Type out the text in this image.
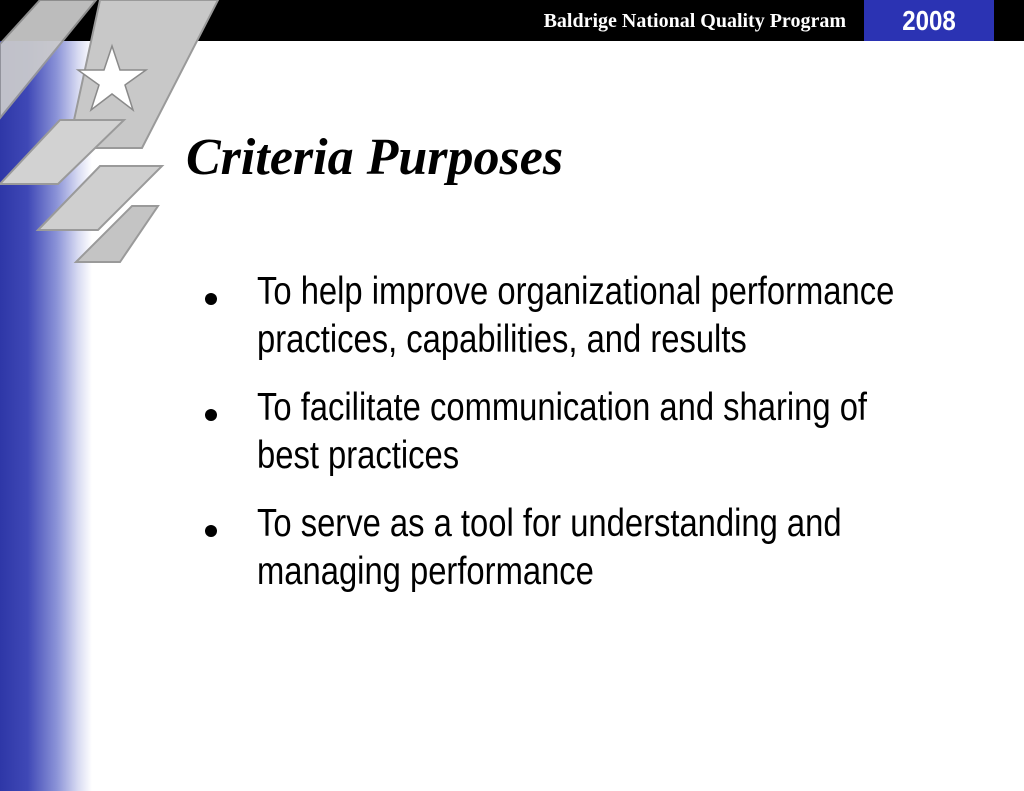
Baldrige National Quality Program	2008
Criteria Purposes
To help improve organizational performance
practices, capabilities, and results
To facilitate communication and sharing of
best practices
To serve as a tool for understanding and
managing performance
